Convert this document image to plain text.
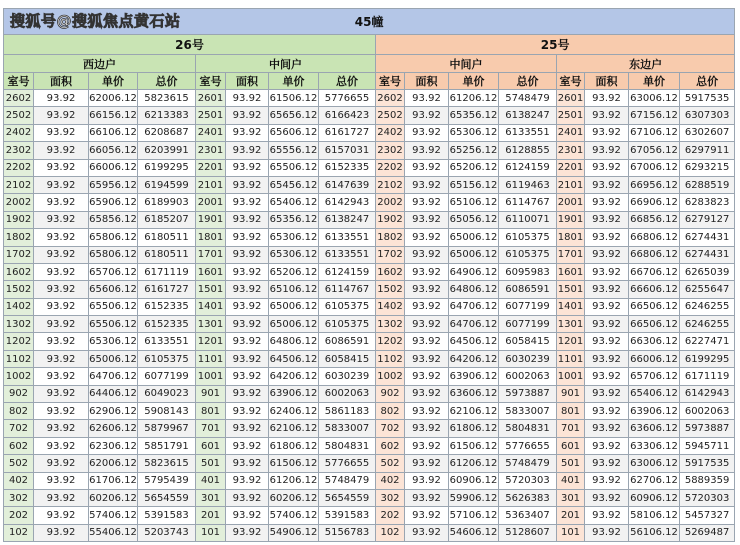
45幢															
26号								25号							
西边户				中间户				中间户				东边户			
室号	面积	单价	总价	室号	面积	单价	总价	室号	面积	单价	总价	室号	面积	单价	总价
2602	93.92	62006.12	5823615	2601	93.92	61506.12	5776655	2602	93.92	61206.12	5748479	2601	93.92	63006.12	5917535
2502	93.92	66156.12	6213383	2501	93.92	65656.12	6166423	2502	93.92	65356.12	6138247	2501	93.92	67156.12	6307303
2402	93.92	66106.12	6208687	2401	93.92	65606.12	6161727	2402	93.92	65306.12	6133551	2401	93.92	67106.12	6302607
2302	93.92	66056.12	6203991	2301	93.92	65556.12	6157031	2302	93.92	65256.12	6128855	2301	93.92	67056.12	6297911
2202	93.92	66006.12	6199295	2201	93.92	65506.12	6152335	2202	93.92	65206.12	6124159	2201	93.92	67006.12	6293215
2102	93.92	65956.12	6194599	2101	93.92	65456.12	6147639	2102	93.92	65156.12	6119463	2101	93.92	66956.12	6288519
2002	93.92	65906.12	6189903	2001	93.92	65406.12	6142943	2002	93.92	65106.12	6114767	2001	93.92	66906.12	6283823
1902	93.92	65856.12	6185207	1901	93.92	65356.12	6138247	1902	93.92	65056.12	6110071	1901	93.92	66856.12	6279127
1802	93.92	65806.12	6180511	1801	93.92	65306.12	6133551	1802	93.92	65006.12	6105375	1801	93.92	66806.12	6274431
1702	93.92	65806.12	6180511	1701	93.92	65306.12	6133551	1702	93.92	65006.12	6105375	1701	93.92	66806.12	6274431
1602	93.92	65706.12	6171119	1601	93.92	65206.12	6124159	1602	93.92	64906.12	6095983	1601	93.92	66706.12	6265039
1502	93.92	65606.12	6161727	1501	93.92	65106.12	6114767	1502	93.92	64806.12	6086591	1501	93.92	66606.12	6255647
1402	93.92	65506.12	6152335	1401	93.92	65006.12	6105375	1402	93.92	64706.12	6077199	1401	93.92	66506.12	6246255
1302	93.92	65506.12	6152335	1301	93.92	65006.12	6105375	1302	93.92	64706.12	6077199	1301	93.92	66506.12	6246255
1202	93.92	65306.12	6133551	1201	93.92	64806.12	6086591	1202	93.92	64506.12	6058415	1201	93.92	66306.12	6227471
1102	93.92	65006.12	6105375	1101	93.92	64506.12	6058415	1102	93.92	64206.12	6030239	1101	93.92	66006.12	6199295
1002	93.92	64706.12	6077199	1001	93.92	64206.12	6030239	1002	93.92	63906.12	6002063	1001	93.92	65706.12	6171119
902	93.92	64406.12	6049023	901	93.92	63906.12	6002063	902	93.92	63606.12	5973887	901	93.92	65406.12	6142943
802	93.92	62906.12	5908143	801	93.92	62406.12	5861183	802	93.92	62106.12	5833007	801	93.92	63906.12	6002063
702	93.92	62606.12	5879967	701	93.92	62106.12	5833007	702	93.92	61806.12	5804831	701	93.92	63606.12	5973887
602	93.92	62306.12	5851791	601	93.92	61806.12	5804831	602	93.92	61506.12	5776655	601	93.92	63306.12	5945711
502	93.92	62006.12	5823615	501	93.92	61506.12	5776655	502	93.92	61206.12	5748479	501	93.92	63006.12	5917535
402	93.92	61706.12	5795439	401	93.92	61206.12	5748479	402	93.92	60906.12	5720303	401	93.92	62706.12	5889359
302	93.92	60206.12	5654559	301	93.92	60206.12	5654559	302	93.92	59906.12	5626383	301	93.92	60906.12	5720303
202	93.92	57406.12	5391583	201	93.92	57406.12	5391583	202	93.92	57106.12	5363407	201	93.92	58106.12	5457327
102	93.92	55406.12	5203743	101	93.92	54906.12	5156783	102	93.92	54606.12	5128607	101	93.92	56106.12	5269487
搜狐号@搜狐焦点黄石站
